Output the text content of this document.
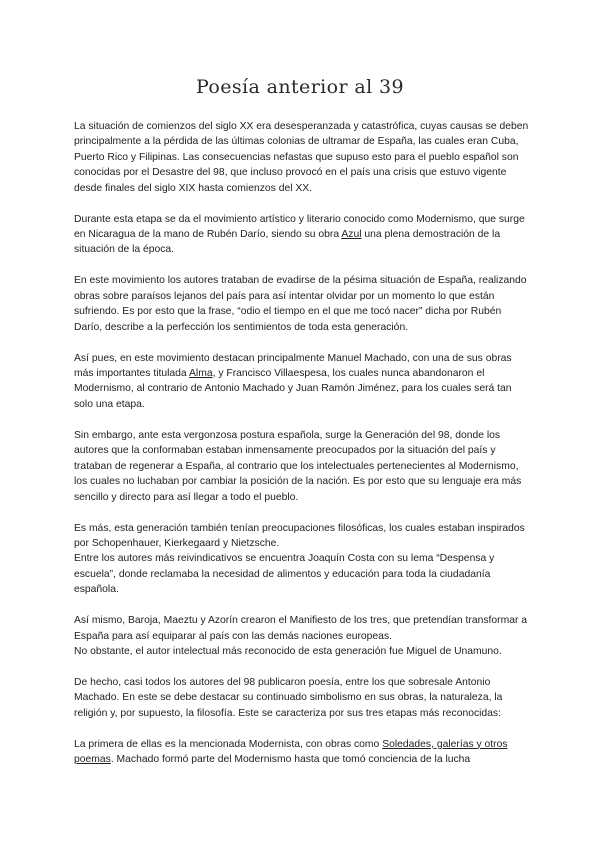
Poesía anterior al 39

La situación de comienzos del siglo XX era desesperanzada y catastrófica, cuyas causas se deben principalmente a la pérdida de las últimas colonias de ultramar de España, las cuales eran Cuba, Puerto Rico y Filipinas. Las consecuencias nefastas que supuso esto para el pueblo español son conocidas por el Desastre del 98, que incluso provocó en el país una crisis que estuvo vigente desde finales del siglo XIX hasta comienzos del XX.

Durante esta etapa se da el movimiento artístico y literario conocido como Modernismo, que surge en Nicaragua de la mano de Rubén Darío, siendo su obra Azul una plena demostración de la situación de la época.

En este movimiento los autores trataban de evadirse de la pésima situación de España, realizando obras sobre paraísos lejanos del país para así intentar olvidar por un momento lo que están sufriendo. Es por esto que la frase, “odio el tiempo en el que me tocó nacer” dicha por Rubén Darío, describe a la perfección los sentimientos de toda esta generación.

Así pues, en este movimiento destacan principalmente Manuel Machado, con una de sus obras más importantes titulada Alma, y Francisco Villaespesa, los cuales nunca abandonaron el Modernismo, al contrario de Antonio Machado y Juan Ramón Jiménez, para los cuales será tan solo una etapa.

Sin embargo, ante esta vergonzosa postura española, surge la Generación del 98, donde los autores que la conformaban estaban inmensamente preocupados por la situación del país y trataban de regenerar a España, al contrario que los intelectuales pertenecientes al Modernismo, los cuales no luchaban por cambiar la posición de la nación. Es por esto que su lenguaje era más sencillo y directo para así llegar a todo el pueblo.

Es más, esta generación también tenían preocupaciones filosóficas, los cuales estaban inspirados por Schopenhauer, Kierkegaard y Nietzsche.
Entre los autores más reivindicativos se encuentra Joaquín Costa con su lema “Despensa y escuela”, donde reclamaba la necesidad de alimentos y educación para toda la ciudadanía española.

Así mismo, Baroja, Maeztu y Azorín crearon el Manifiesto de los tres, que pretendían transformar a España para así equiparar al país con las demás naciones europeas.
No obstante, el autor intelectual más reconocido de esta generación fue Miguel de Unamuno.

De hecho, casi todos los autores del 98 publicaron poesía, entre los que sobresale Antonio Machado. En este se debe destacar su continuado simbolismo en sus obras, la naturaleza, la religión y, por supuesto, la filosofía. Este se caracteriza por sus tres etapas más reconocidas:

La primera de ellas es la mencionada Modernista, con obras como Soledades, galerías y otros poemas. Machado formó parte del Modernismo hasta que tomó conciencia de la lucha
